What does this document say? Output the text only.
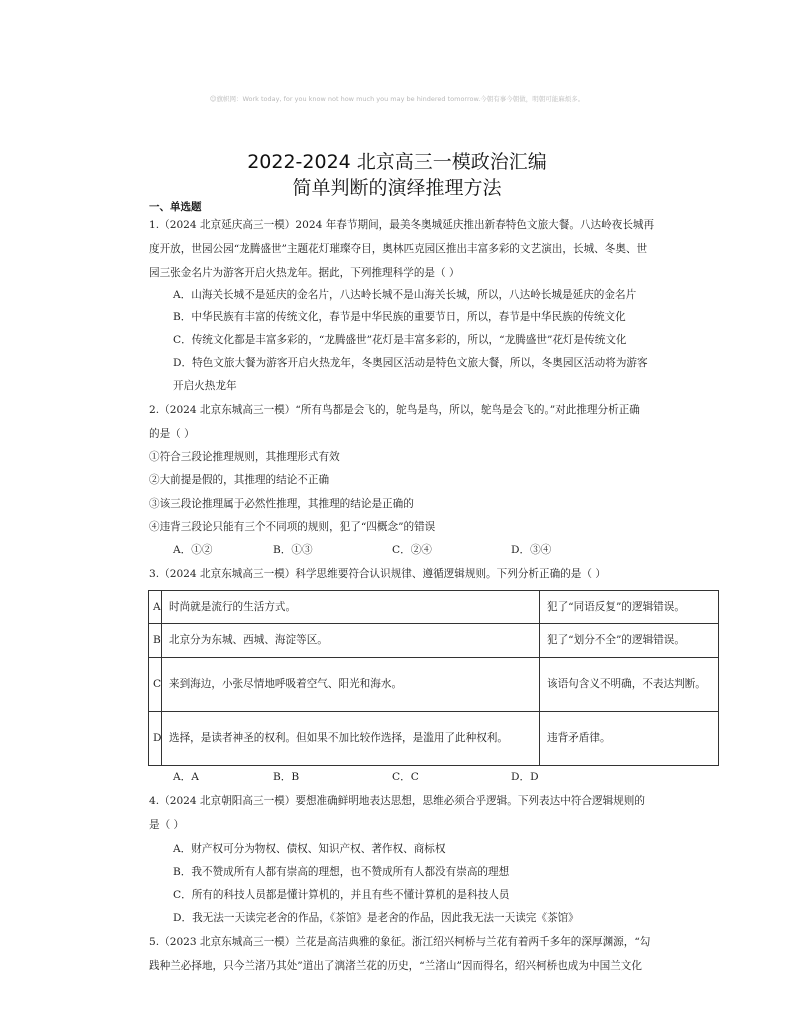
☺旗帜网：Work today, for you know not how much you may be hindered tomorrow.今朝有事今朝做，明朝可能麻烦多。
2022-2024 北京高三一模政治汇编
简单判断的演绎推理方法
一、单选题
1.（2024 北京延庆高三一模）2024 年春节期间，最美冬奥城延庆推出新春特色文旅大餐。八达岭夜长城再
度开放，世园公园“龙腾盛世”主题花灯璀璨夺目，奥林匹克园区推出丰富多彩的文艺演出，长城、冬奥、世
园三张金名片为游客开启火热龙年。据此，下列推理科学的是（ ）
A．山海关长城不是延庆的金名片，八达岭长城不是山海关长城，所以，八达岭长城是延庆的金名片
B．中华民族有丰富的传统文化，春节是中华民族的重要节日，所以，春节是中华民族的传统文化
C．传统文化都是丰富多彩的，“龙腾盛世”花灯是丰富多彩的，所以，“龙腾盛世”花灯是传统文化
D．特色文旅大餐为游客开启火热龙年，冬奥园区活动是特色文旅大餐，所以，冬奥园区活动将为游客
开启火热龙年
2.（2024 北京东城高三一模）“所有鸟都是会飞的，鸵鸟是鸟，所以，鸵鸟是会飞的。”对此推理分析正确
的是（ ）
①符合三段论推理规则，其推理形式有效
②大前提是假的，其推理的结论不正确
③该三段论推理属于必然性推理，其推理的结论是正确的
④违背三段论只能有三个不同项的规则，犯了“四概念”的错误
A．①②	B．①③	C．②④	D．③④
3.（2024 北京东城高三一模）科学思维要符合认识规律、遵循逻辑规则。下列分析正确的是（ ）
A	时尚就是流行的生活方式。	犯了“同语反复”的逻辑错误。
B	北京分为东城、西城、海淀等区。	犯了“划分不全”的逻辑错误。
C	来到海边，小张尽情地呼吸着空气、阳光和海水。	该语句含义不明确，不表达判断。
D	选择，是读者神圣的权利。但如果不加比较作选择，是滥用了此种权利。	违背矛盾律。
A．A	B．B	C．C	D．D
4.（2024 北京朝阳高三一模）要想准确鲜明地表达思想，思维必须合乎逻辑。下列表达中符合逻辑规则的
是（ ）
A．财产权可分为物权、债权、知识产权、著作权、商标权
B．我不赞成所有人都有崇高的理想，也不赞成所有人都没有崇高的理想
C．所有的科技人员都是懂计算机的，并且有些不懂计算机的是科技人员
D．我无法一天读完老舍的作品，《茶馆》是老舍的作品，因此我无法一天读完《茶馆》
5.（2023 北京东城高三一模）兰花是高洁典雅的象征。浙江绍兴柯桥与兰花有着两千多年的深厚渊源，“勾
践种兰必择地，只今兰渚乃其处”道出了漓渚兰花的历史，“兰渚山”因而得名，绍兴柯桥也成为中国兰文化
